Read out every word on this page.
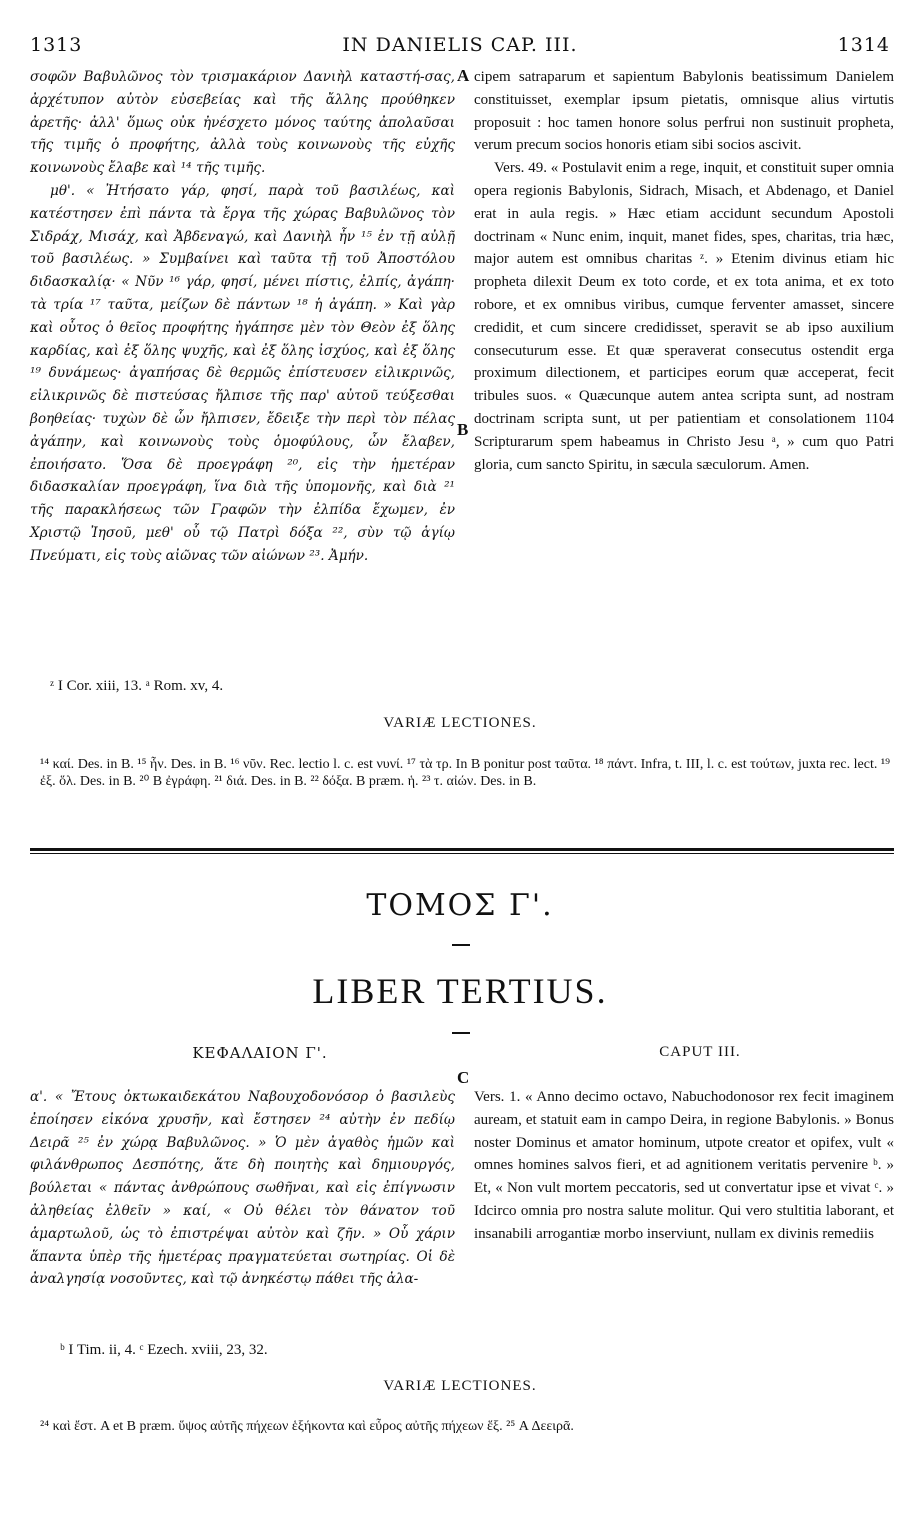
1313	IN DANIELIS CAP. III.	1314

σοφῶν Βαβυλῶνος τὸν τρισμακάριον Δανιὴλ καταστή-σας, ἀρχέτυπον αὐτὸν εὐσεβείας καὶ τῆς ἄλλης προύθηκεν ἀρετῆς· ἀλλ' ὅμως οὐκ ἠνέσχετο μόνος ταύτης ἀπολαῦσαι τῆς τιμῆς ὁ προφήτης, ἀλλὰ τοὺς κοινωνοὺς τῆς εὐχῆς κοινωνοὺς ἔλαβε καὶ ¹⁴ τῆς τιμῆς.

μθ'. « Ἠτήσατο γάρ, φησί, παρὰ τοῦ βασιλέως, καὶ κατέστησεν ἐπὶ πάντα τὰ ἔργα τῆς χώρας Βαβυλῶνος τὸν Σιδράχ, Μισάχ, καὶ Ἀβδεναγώ, καὶ Δανιὴλ ἦν ¹⁵ ἐν τῇ αὐλῇ τοῦ βασιλέως. » Συμβαίνει καὶ ταῦτα τῇ τοῦ Ἀποστόλου διδασκαλίᾳ· « Νῦν ¹⁶ γάρ, φησί, μένει πίστις, ἐλπίς, ἀγάπη· τὰ τρία ¹⁷ ταῦτα, μείζων δὲ πάντων ¹⁸ ἡ ἀγάπη. » Καὶ γὰρ καὶ οὗτος ὁ θεῖος προφήτης ἠγάπησε μὲν τὸν Θεὸν ἐξ ὅλης καρδίας, καὶ ἐξ ὅλης ψυχῆς, καὶ ἐξ ὅλης ἰσχύος, καὶ ἐξ ὅλης ¹⁹ δυνάμεως· ἀγαπήσας δὲ θερμῶς ἐπίστευσεν εἰλικρινῶς, εἰλικρινῶς δὲ πιστεύσας ἤλπισε τῆς παρ' αὐτοῦ τεύξεσθαι βοηθείας· τυχὼν δὲ ὧν ἤλπισεν, ἔδειξε τὴν περὶ τὸν πέλας ἀγάπην, καὶ κοινωνοὺς τοὺς ὁμοφύλους, ὧν ἔλαβεν, ἐποιήσατο. Ὅσα δὲ προεγράφη ²⁰, εἰς τὴν ἡμετέραν διδασκαλίαν προεγράφη, ἵνα διὰ τῆς ὑπομονῆς, καὶ διὰ ²¹ τῆς παρακλήσεως τῶν Γραφῶν τὴν ἐλπίδα ἔχωμεν, ἐν Χριστῷ Ἰησοῦ, μεθ' οὗ τῷ Πατρὶ δόξα ²², σὺν τῷ ἁγίῳ Πνεύματι, εἰς τοὺς αἰῶνας τῶν αἰώνων ²³. Ἀμήν.

A
B

cipem satraparum et sapientum Babylonis beatissimum Danielem constituisset, exemplar ipsum pietatis, omnisque alius virtutis proposuit : hoc tamen honore solus perfrui non sustinuit propheta, verum precum socios honoris etiam sibi socios ascivit.

Vers. 49. « Postulavit enim a rege, inquit, et constituit super omnia opera regionis Babylonis, Sidrach, Misach, et Abdenago, et Daniel erat in aula regis. » Hæc etiam accidunt secundum Apostoli doctrinam « Nunc enim, inquit, manet fides, spes, charitas, tria hæc, major autem est omnibus charitas ᶻ. » Etenim divinus etiam hic propheta dilexit Deum ex toto corde, et ex tota anima, et ex toto robore, et ex omnibus viribus, cumque ferventer amasset, sincere credidit, et cum sincere credidisset, speravit se ab ipso auxilium consecuturum esse. Et quæ speraverat consecutus ostendit erga proximum dilectionem, et participes eorum quæ acceperat, fecit tribules suos. « Quæcunque autem antea scripta sunt, ad nostram doctrinam scripta sunt, ut per patientiam et consolationem 1104 Scripturarum spem habeamus in Christo Jesu ᵃ, » cum quo Patri gloria, cum sancto Spiritu, in sæcula sæculorum. Amen.

ᶻ I Cor. xiii, 13. ᵃ Rom. xv, 4.
VARIÆ LECTIONES.
¹⁴ καί. Des. in B. ¹⁵ ἦν. Des. in B. ¹⁶ νῦν. Rec. lectio l. c. est νυνί. ¹⁷ τὰ τρ. In B ponitur post ταῦτα. ¹⁸ πάντ. Infra, t. III, l. c. est τούτων, juxta rec. lect. ¹⁹ ἐξ. ὅλ. Des. in B. ²⁰ B ἐγράφη. ²¹ διά. Des. in B. ²² δόξα. B præm. ἡ. ²³ τ. αἰών. Des. in B.
ΤΟΜΟΣ Γ'.
LIBER TERTIUS.
ΚΕΦΑΛΑΙΟΝ Γ'.	CAPUT III.
C

α'. « Ἔτους ὀκτωκαιδεκάτου Ναβουχοδονόσορ ὁ βασιλεὺς ἐποίησεν εἰκόνα χρυσῆν, καὶ ἔστησεν ²⁴ αὐτὴν ἐν πεδίῳ Δειρᾶ ²⁵ ἐν χώρᾳ Βαβυλῶνος. » Ὁ μὲν ἀγαθὸς ἡμῶν καὶ φιλάνθρωπος Δεσπότης, ἅτε δὴ ποιητὴς καὶ δημιουργός, βούλεται « πάντας ἀνθρώπους σωθῆναι, καὶ εἰς ἐπίγνωσιν ἀληθείας ἐλθεῖν » καί, « Οὐ θέλει τὸν θάνατον τοῦ ἁμαρτωλοῦ, ὡς τὸ ἐπιστρέψαι αὐτὸν καὶ ζῆν. » Οὗ χάριν ἅπαντα ὑπὲρ τῆς ἡμετέρας πραγματεύεται σωτηρίας. Οἱ δὲ ἀναλγησίᾳ νοσοῦντες, καὶ τῷ ἀνηκέστῳ πάθει τῆς ἀλα-

Vers. 1. « Anno decimo octavo, Nabuchodonosor rex fecit imaginem auream, et statuit eam in campo Deira, in regione Babylonis. » Bonus noster Dominus et amator hominum, utpote creator et opifex, vult « omnes homines salvos fieri, et ad agnitionem veritatis pervenire ᵇ. » Et, « Non vult mortem peccatoris, sed ut convertatur ipse et vivat ᶜ. » Idcirco omnia pro nostra salute molitur. Qui vero stultitia laborant, et insanabili arrogantiæ morbo inserviunt, nullam ex divinis remediis

ᵇ I Tim. ii, 4. ᶜ Ezech. xviii, 23, 32.
VARIÆ LECTIONES.
²⁴ καὶ ἔστ. A et B præm. ὕψος αὐτῆς πήχεων ἑξήκοντα καὶ εὖρος αὐτῆς πήχεων ἕξ. ²⁵ A Δεειρᾶ.
